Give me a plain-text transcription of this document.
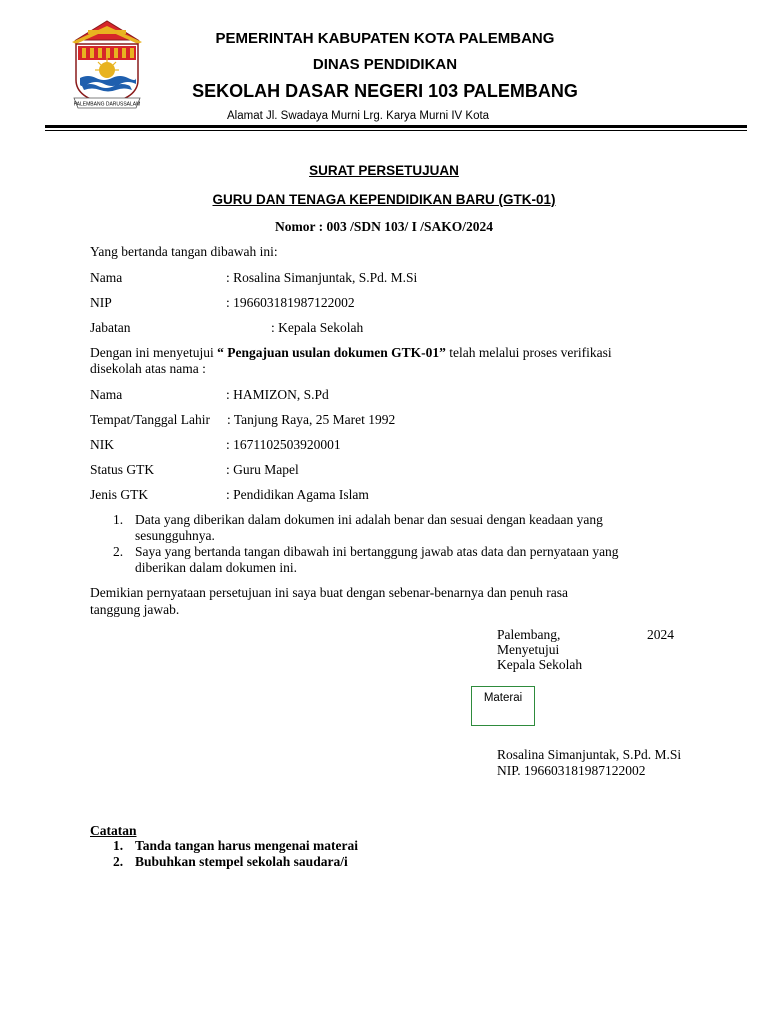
PALEMBANG DARUSSALAM
PEMERINTAH KABUPATEN KOTA PALEMBANG
DINAS PENDIDIKAN
SEKOLAH DASAR NEGERI 103 PALEMBANG
Alamat Jl. Swadaya Murni Lrg. Karya Murni IV Kota
SURAT PERSETUJUAN
GURU DAN TENAGA KEPENDIDIKAN BARU (GTK-01)
Nomor : 003 /SDN 103/ I /SAKO/2024
Yang bertanda tangan dibawah ini:
Nama	: Rosalina Simanjuntak, S.Pd. M.Si
NIP	: 196603181987122002
Jabatan	: Kepala Sekolah
Dengan ini menyetujui “ Pengajuan usulan dokumen GTK-01” telah melalui proses verifikasi
disekolah atas nama :
Nama	: HAMIZON, S.Pd
Tempat/Tanggal Lahir : Tanjung Raya, 25 Maret 1992
NIK	: 1671102503920001
Status GTK	: Guru Mapel
Jenis GTK	: Pendidikan Agama Islam
1. Data yang diberikan dalam dokumen ini adalah benar dan sesuai dengan keadaan yang
sesungguhnya.
2. Saya yang bertanda tangan dibawah ini bertanggung jawab atas data dan pernyataan yang
diberikan dalam dokumen ini.
Demikian pernyataan persetujuan ini saya buat dengan sebenar-benarnya dan penuh rasa
tanggung jawab.
Palembang,	2024
Menyetujui
Kepala Sekolah
Materai
Rosalina Simanjuntak, S.Pd. M.Si
NIP. 196603181987122002
Catatan
1. Tanda tangan harus mengenai materai
2. Bubuhkan stempel sekolah saudara/i
